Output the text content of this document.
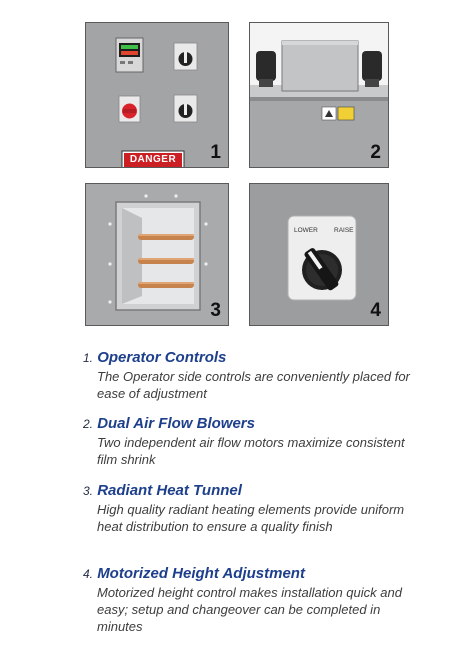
DANGER	1	2
3
LOWER RAISE
4
1. Operator Controls
The Operator side controls are conveniently placed for ease of adjustment
2. Dual Air Flow Blowers
Two independent air flow motors maximize consistent film shrink
3. Radiant Heat Tunnel
High quality radiant heating elements provide uniform heat distribution to ensure a quality finish
4. Motorized Height Adjustment
Motorized height control makes installation quick and easy; setup and changeover can be completed in minutes
